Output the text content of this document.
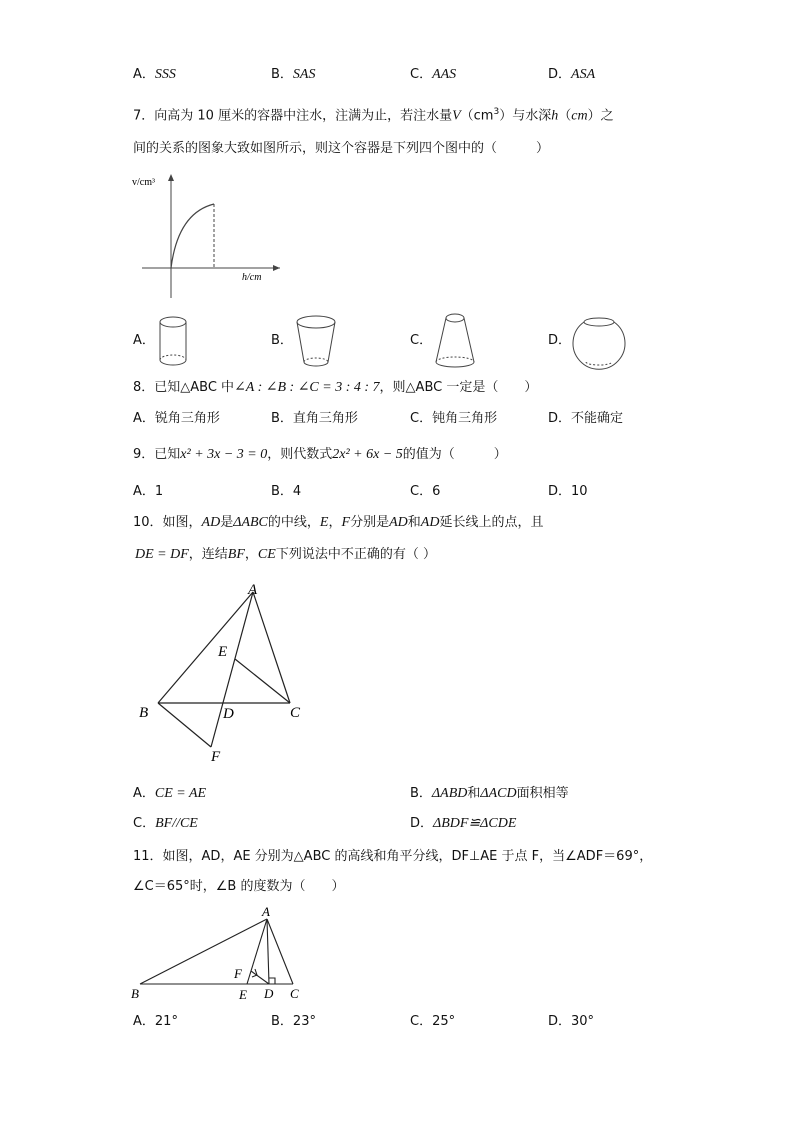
A．SSS	B．SAS	C．AAS	D．ASA
7．向高为 10 厘米的容器中注水，注满为止，若注水量$V(cm^3)$与水深h（cm）之
间的关系的图象大致如图所示，则这个容器是下列四个图中的（　　　）
v/cm³
h/cm
A．	B．	C．	D．
8．已知△ABC 中∠A : ∠B : ∠C = 3 : 4 : 7，则△ABC 一定是（　　）
A．锐角三角形	B．直角三角形	C．钝角三角形	D．不能确定
9．已知x² + 3x − 3 = 0，则代数式2x² + 6x − 5的值为（　　　）
A．1	B．4	C．6	D．10
10．如图，AD是ΔABC的中线，E，F分别是AD和AD延长线上的点，且
DE = DF，连结BF，CE下列说法中不正确的有（ ）
A
B	C
D
E
F
A．CE = AE	B．ΔABD和ΔACD面积相等
C．BF//CE	D．ΔBDF≌ΔCDE
11．如图，AD，AE 分别为△ABC 的高线和角平分线，DF⊥AE 于点 F，当∠ADF＝69°，
∠C＝65°时，∠B 的度数为（　　）
A
B	C
D
E
F
A．21°	B．23°	C．25°	D．30°
